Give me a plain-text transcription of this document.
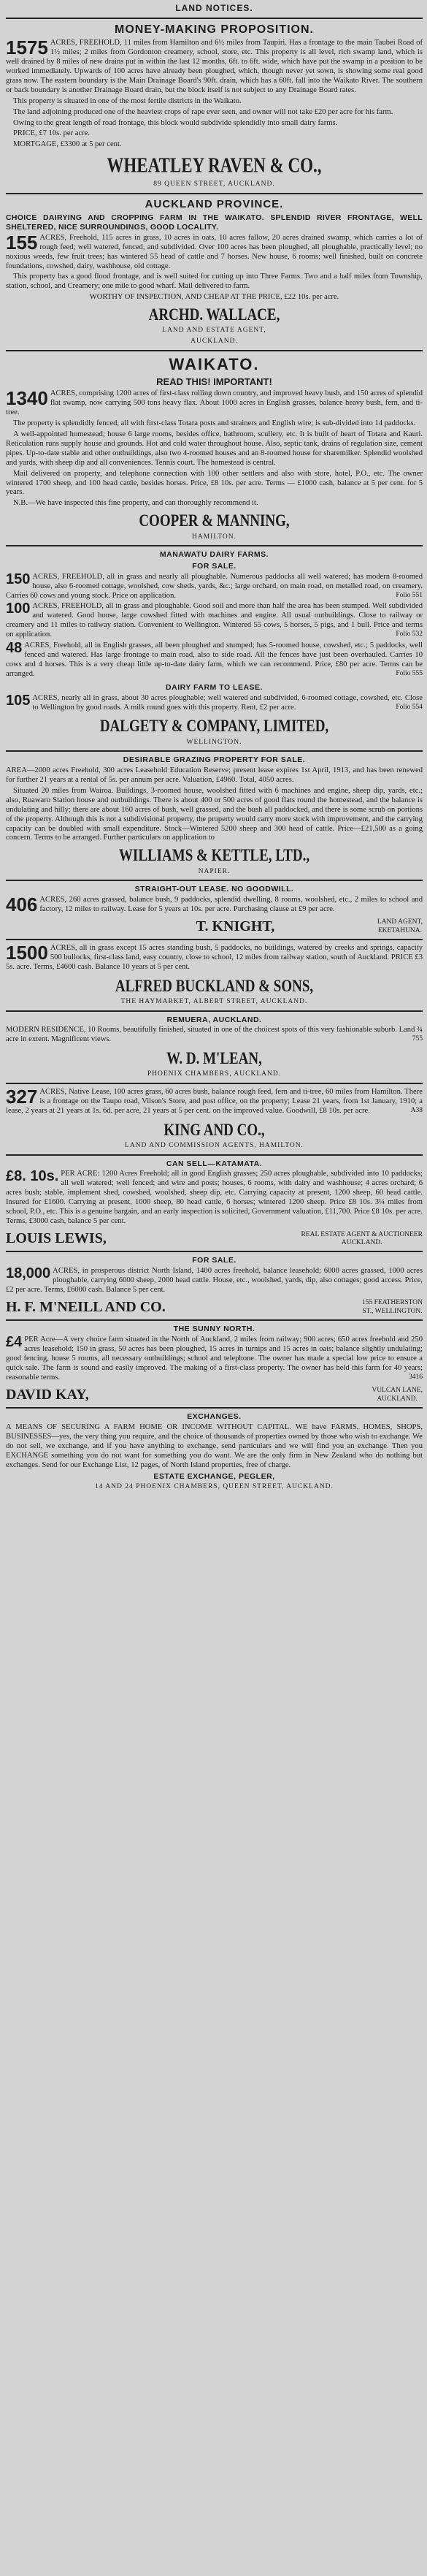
LAND NOTICES.
MONEY-MAKING PROPOSITION.

1575 ACRES, FREEHOLD, 11 miles from Hamilton and 6½ miles from Taupiri. Has a frontage to the main Taubei Road of 1½ miles; 2 miles from Gordonton creamery, school, store, etc. This property is all level, rich swamp land, which is well drained by 8 miles of new drains put in within the last 12 months, 6ft. to 6ft. wide, which have put the swamp in a position to be worked immediately. Upwards of 100 acres have already been ploughed, which, though never yet sown, is showing some real good grass now. The eastern boundary is the Main Drainage Board's 90ft. drain, which has a 60ft. fall into the Waikato River. The southern or back boundary is another Drainage Board drain, but the block itself is not subject to any Drainage Board rates.

This property is situated in one of the most fertile districts in the Waikato.

The land adjoining produced one of the heaviest crops of rape ever seen, and owner will not take £20 per acre for his farm.

Owing to the great length of road frontage, this block would subdivide splendidly into small dairy farms.

PRICE, £7 10s. per acre.

MORTGAGE, £3300 at 5 per cent.

WHEATLEY RAVEN & CO.,
89 QUEEN STREET, AUCKLAND.
AUCKLAND PROVINCE.

CHOICE DAIRYING AND CROPPING FARM IN THE WAIKATO. SPLENDID RIVER FRONTAGE, WELL SHELTERED, NICE SURROUNDINGS, GOOD LOCALITY.

155 ACRES, Freehold, 115 acres in grass, 10 acres in oats, 10 acres fallow, 20 acres drained swamp, which carries a lot of rough feed; well watered, fenced, and subdivided. Over 100 acres has been ploughed, all ploughable, practically level; no noxious weeds, few fruit trees; has wintered 55 head of cattle and 7 horses. New house, 6 rooms; well finished, built on concrete foundations, cowshed, dairy, washhouse, old cottage.

This property has a good flood frontage, and is well suited for cutting up into Three Farms. Two and a half miles from Township, station, school, and Creamery; one mile to good wharf. Mail delivered to farm.

WORTHY OF INSPECTION, AND CHEAP AT THE PRICE, £22 10s. per acre.

ARCHD. WALLACE,
LAND AND ESTATE AGENT,
AUCKLAND.
WAIKATO.
READ THIS! IMPORTANT!

1340 ACRES, comprising 1200 acres of first-class rolling down country, and improved heavy bush, and 150 acres of splendid flat swamp, now carrying 500 tons heavy flax. About 1000 acres in English grasses, balance heavy bush, fern, and ti-tree.

The property is splendidly fenced, all with first-class Totara posts and strainers and English wire; is sub-divided into 14 paddocks.

A well-appointed homestead; house 6 large rooms, besides office, bathroom, scullery, etc. It is built of heart of Totara and Kauri. Reticulation runs supply house and grounds. Hot and cold water throughout house. Also, septic tank, drains of regulation size, cement pipes. Up-to-date stable and other outbuildings, also two 4-roomed houses and an 8-roomed house for sharemilker. Splendid woolshed and yards, with sheep dip and all conveniences. Tennis court. The homestead is central.

Mail delivered on property, and telephone connection with 100 other settlers and also with store, hotel, P.O., etc. The owner wintered 1700 sheep, and 100 head cattle, besides horses. Price, £8 10s. per acre. Terms — £1000 cash, balance at 5 per cent. for 5 years.

N.B.—We have inspected this fine property, and can thoroughly recommend it.

COOPER & MANNING,
HAMILTON.
MANAWATU DAIRY FARMS.
FOR SALE.

150 ACRES, FREEHOLD, all in grass and nearly all ploughable. Numerous paddocks all well watered; has modern 8-roomed house, also 6-roomed cottage, woolshed, cow sheds, yards, &c.; large orchard, on main road, on metalled road, on creamery. Carries 60 cows and young stock. Price on application.	Folio 551

100 ACRES, FREEHOLD, all in grass and ploughable. Good soil and more than half the area has been stumped. Well subdivided and watered. Good house, large cowshed fitted with machines and engine. All usual outbuildings. Close to railway or creamery and 11 miles to railway station. Convenient to Wellington. Wintered 55 cows, 5 horses, 5 pigs, and 1 bull. Price and terms on application.	Folio 532

48 ACRES, Freehold, all in English grasses, all been ploughed and stumped; has 5-roomed house, cowshed, etc.; 5 paddocks, well fenced and watered. Has large frontage to main road, also to side road. All the fences have just been overhauled. Carries 10 cows and 4 horses. This is a very cheap little up-to-date dairy farm, which we can recommend. Price, £80 per acre. Terms can be arranged.	Folio 555

DAIRY FARM TO LEASE.

105 ACRES, nearly all in grass, about 30 acres ploughable; well watered and subdivided, 6-roomed cottage, cowshed, etc. Close to Wellington by good roads. A milk round goes with this property. Rent, £2 per acre.	Folio 554

DALGETY & COMPANY, LIMITED,
WELLINGTON.
DESIRABLE GRAZING PROPERTY FOR SALE.

AREA—2000 acres Freehold, 300 acres Leasehold Education Reserve; present lease expires 1st April, 1913, and has been renewed for further 21 years at a rental of 5s. per annum per acre. Valuation, £4960. Total, 4050 acres.

Situated 20 miles from Wairoa. Buildings, 3-roomed house, woolshed fitted with 6 machines and engine, sheep dip, yards, etc.; also, Ruawaro Station house and outbuildings. There is about 400 or 500 acres of good flats round the homestead, and the balance is undulating and hilly; there are about 160 acres of bush, well grassed, and the bush all paddocked, and there is some scrub on portions of the property. Although this is not a subdivisional property, the property would carry more stock with improvement, and the carrying capacity can be doubled with small expenditure. Stock—Wintered 5200 sheep and 300 head of cattle. Price—£21,500 as a going concern. Terms to be arranged. Further particulars on application to

WILLIAMS & KETTLE, LTD.,
NAPIER.
STRAIGHT-OUT LEASE. NO GOODWILL.

406 ACRES, 260 acres grassed, balance bush, 9 paddocks, splendid dwelling, 8 rooms, woolshed, etc., 2 miles to school and factory, 12 miles to railway. Lease for 5 years at 10s. per acre. Purchasing clause at £9 per acre.

T. KNIGHT,	LAND AGENT,
EKETAHUNA.

1500 ACRES, all in grass except 15 acres standing bush, 5 paddocks, no buildings, watered by creeks and springs, capacity 500 bullocks, first-class land, easy country, close to school, 12 miles from railway station, south of Auckland. PRICE £3 5s. acre. Terms, £4600 cash. Balance 10 years at 5 per cent.

ALFRED BUCKLAND & SONS,
THE HAYMARKET, ALBERT STREET, AUCKLAND.
REMUERA, AUCKLAND.

MODERN RESIDENCE, 10 Rooms, beautifully finished, situated in one of the choicest spots of this very fashionable suburb. Land ¾ acre in extent. Magnificent views.	755

W. D. M'LEAN,
PHOENIX CHAMBERS, AUCKLAND.

327 ACRES, Native Lease, 100 acres grass, 60 acres bush, balance rough feed, fern and ti-tree, 60 miles from Hamilton. There is a frontage on the Taupo road, Vilson's Store, and post office, on the property; Lease 21 years, from 1st January, 1910; a lease, 2 years at 21 years at 1s. 6d. per acre, 21 years at 5 per cent. on the improved value. Goodwill, £8 10s. per acre.	A38

KING AND CO.,
LAND AND COMMISSION AGENTS, HAMILTON.
CAN SELL—KATAMATA.

£8. 10s. PER ACRE: 1200 Acres Freehold; all in good English grasses; 250 acres ploughable, subdivided into 10 paddocks; all well watered; well fenced; and wire and posts; houses, 6 rooms, with dairy and washhouse; 4 acres orchard; 6 acres bush; stable, implement shed, cowshed, woolshed, sheep dip, etc. Carrying capacity at present, 1200 sheep, 60 head cattle. Insured for £1600. Carrying at present, 1000 sheep, 80 head cattle, 6 horses; wintered 1200 sheep. Price £8 10s. 3¼ miles from school, P.O., etc. This is a genuine bargain, and an early inspection is solicited, Government valuation, £11,700. Price £8 10s. per acre. Terms, £3000 cash, balance 5 per cent.

LOUIS LEWIS,	REAL ESTATE AGENT & AUCTIONEER
AUCKLAND.
FOR SALE.

18,000 ACRES, in prosperous district North Island, 1400 acres freehold, balance leasehold; 6000 acres grassed, 1000 acres ploughable, carrying 6000 sheep, 2000 head cattle. House, etc., woolshed, yards, dip, also cottages; good access. Price, £2 per acre. Terms, £6000 cash. Balance 5 per cent.

H. F. M'NEILL AND CO.	155 FEATHERSTON
ST., WELLINGTON.
THE SUNNY NORTH.

£4 PER Acre—A very choice farm situated in the North of Auckland, 2 miles from railway; 900 acres; 650 acres freehold and 250 acres leasehold; 150 in grass, 50 acres has been ploughed, 15 acres in turnips and 15 acres in oats; balance slightly undulating; good fencing, house 5 rooms, all necessary outbuildings; school and telephone. The owner has made a special low price to ensure a quick sale. The farm is sound and easily improved. The making of a first-class property. The owner has held this farm for 40 years; reasonable terms.	3416

DAVID KAY,	VULCAN LANE,
AUCKLAND.
EXCHANGES.

A MEANS OF SECURING A FARM HOME OR INCOME WITHOUT CAPITAL. WE have FARMS, HOMES, SHOPS, BUSINESSES—yes, the very thing you require, and the choice of thousands of properties owned by those who wish to exchange. We do not sell, we exchange, and if you have anything to exchange, send particulars and we will find you an exchange. Then you EXCHANGE something you do not want for something you do want. We are the only firm in New Zealand who do nothing but exchanges. Send for our Exchange List, 12 pages, of North Island properties, free of charge.

ESTATE EXCHANGE, PEGLER,
14 AND 24 PHOENIX CHAMBERS, QUEEN STREET, AUCKLAND.
